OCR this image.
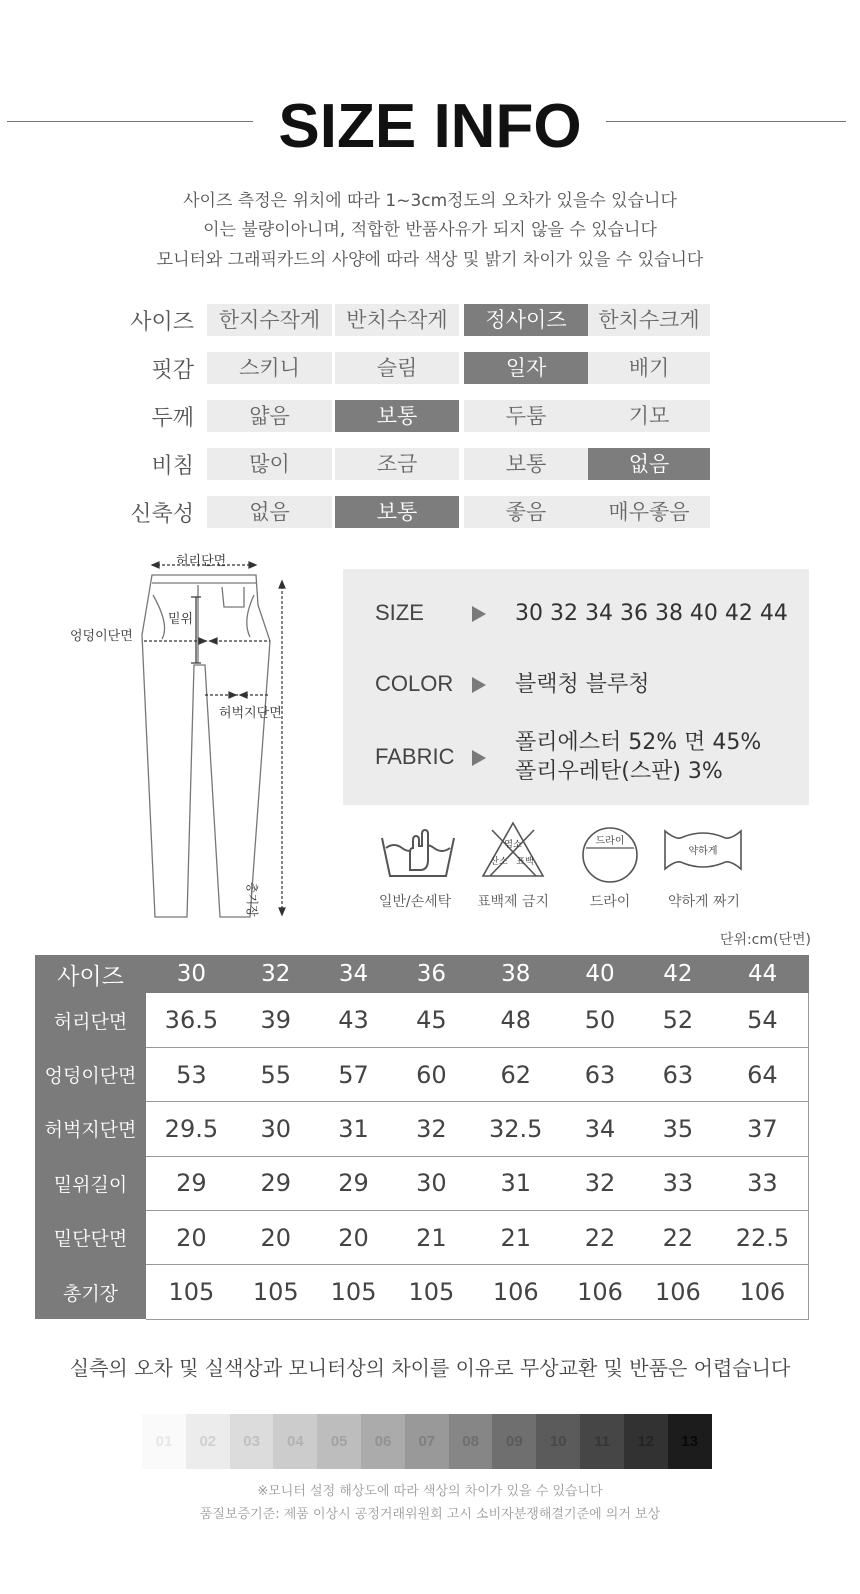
SIZE INFO
사이즈 측정은 위치에 따라 1~3cm정도의 오차가 있을수 있습니다
이는 불량이아니며, 적합한 반품사유가 되지 않을 수 있습니다
모니터와 그래픽카드의 사양에 따라 색상 및 밝기 차이가 있을 수 있습니다
사이즈	한지수작게	반치수작게	정사이즈	한치수크게
핏감	스키니	슬림	일자	배기
두께	얇음	보통	두툼	기모
비침	많이	조금	보통	없음
신축성	없음	보통	좋음	매우좋음
허리단면
밑위
엉덩이단면
허벅지단면
총기장
SIZE	30 32 34 36 38 40 42 44
COLOR	블랙청 블루청
FABRIC
폴리에스터 52% 면 45%
폴리우레탄(스판) 3%
염소
산소 표백
드라이
약하게
일반/손세탁	표백제 금지	드라이	약하게 짜기
단위:cm(단면)
사이즈	30	32	34	36	38	40	42	44
허리단면	36.5	39	43	45	48	50	52	54
엉덩이단면	53	55	57	60	62	63	63	64
허벅지단면	29.5	30	31	32	32.5	34	35	37
밑위길이	29	29	29	30	31	32	33	33
밑단단면	20	20	20	21	21	22	22	22.5
총기장	105	105	105	105	106	106	106	106
실측의 오차 및 실색상과 모니터상의 차이를 이유로 무상교환 및 반품은 어렵습니다
01	02	03	04	05	06	07	08	09	10	11	12	13
※모니터 설정 해상도에 따라 색상의 차이가 있을 수 있습니다
품질보증기준: 제품 이상시 공정거래위원회 고시 소비자분쟁해결기준에 의거 보상
